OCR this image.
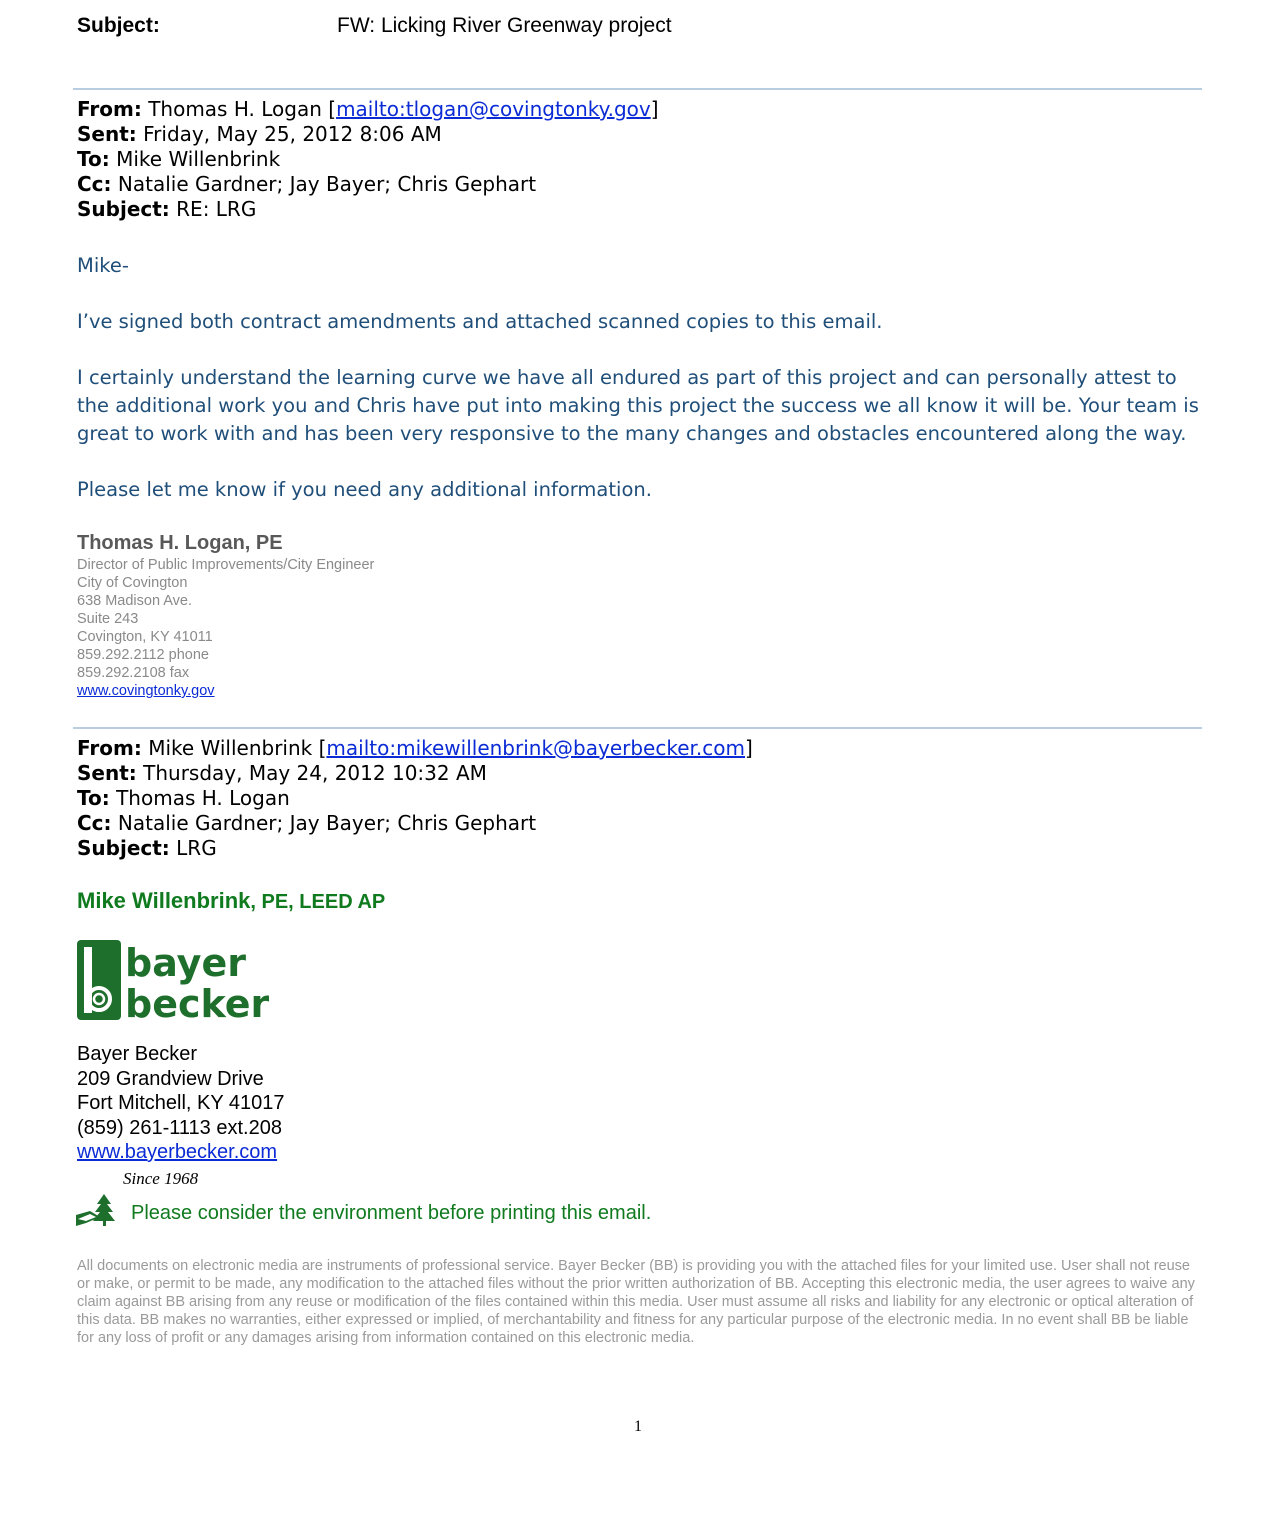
Subject:	FW: Licking River Greenway project
From: Thomas H. Logan [mailto:tlogan@covingtonky.gov]
Sent: Friday, May 25, 2012 8:06 AM
To: Mike Willenbrink
Cc: Natalie Gardner; Jay Bayer; Chris Gephart
Subject: RE: LRG
Mike-
I’ve signed both contract amendments and attached scanned copies to this email.
I certainly understand the learning curve we have all endured as part of this project and can personally attest to the additional work you and Chris have put into making this project the success we all know it will be. Your team is great to work with and has been very responsive to the many changes and obstacles encountered along the way.
Please let me know if you need any additional information.
Thomas H. Logan, PE
Director of Public Improvements/City Engineer
City of Covington
638 Madison Ave.
Suite 243
Covington, KY 41011
859.292.2112 phone
859.292.2108 fax
www.covingtonky.gov
From: Mike Willenbrink [mailto:mikewillenbrink@bayerbecker.com]
Sent: Thursday, May 24, 2012 10:32 AM
To: Thomas H. Logan
Cc: Natalie Gardner; Jay Bayer; Chris Gephart
Subject: LRG
Mike Willenbrink, PE, LEED AP
bayer
becker
Bayer Becker
209 Grandview Drive
Fort Mitchell, KY 41017
(859) 261-1113 ext.208
www.bayerbecker.com
Since 1968
Please consider the environment before printing this email.
All documents on electronic media are instruments of professional service. Bayer Becker (BB) is providing you with the attached files for your limited use. User shall not reuse or make, or permit to be made, any modification to the attached files without the prior written authorization of BB. Accepting this electronic media, the user agrees to waive any claim against BB arising from any reuse or modification of the files contained within this media. User must assume all risks and liability for any electronic or optical alteration of this data. BB makes no warranties, either expressed or implied, of merchantability and fitness for any particular purpose of the electronic media. In no event shall BB be liable for any loss of profit or any damages arising from information contained on this electronic media.
1
